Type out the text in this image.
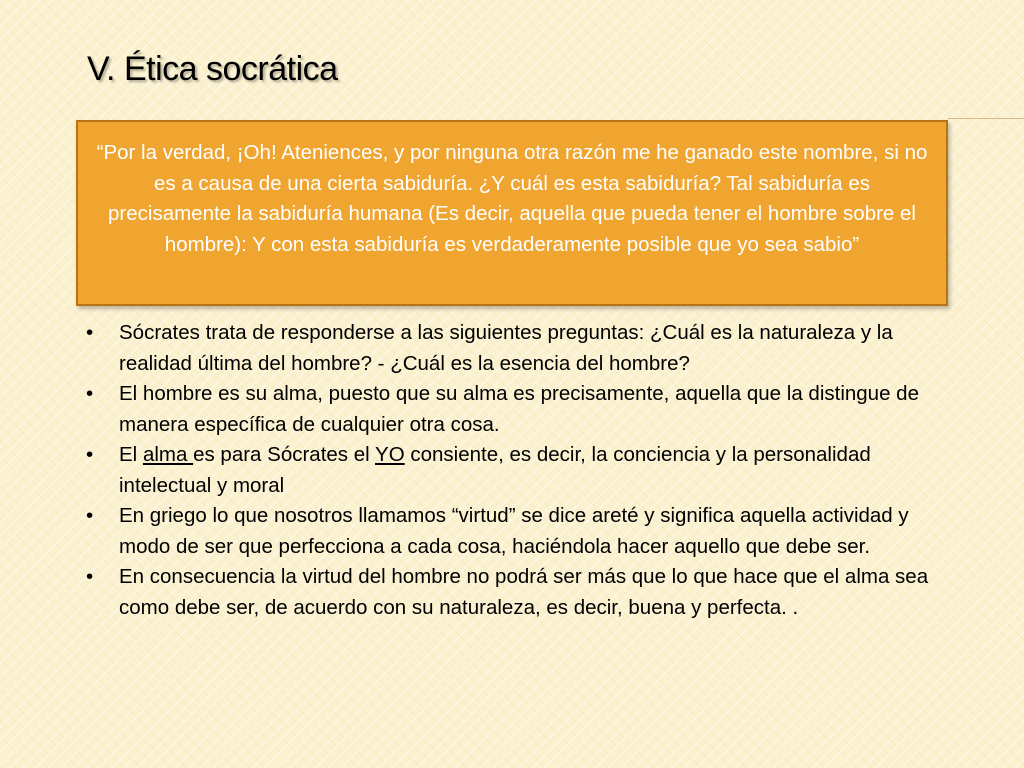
V. Ética socrática
“Por la verdad, ¡Oh! Ateniences, y por ninguna otra razón me he ganado este nombre, si no es a causa de una cierta sabiduría. ¿Y cuál es esta sabiduría? Tal sabiduría es precisamente la sabiduría humana (Es decir, aquella que pueda tener el hombre sobre el hombre): Y con esta sabiduría es verdaderamente posible que yo sea sabio”
•	Sócrates trata de responderse a las siguientes preguntas: ¿Cuál es la naturaleza y la realidad última del hombre? - ¿Cuál es la esencia del hombre?
•	El hombre es su alma, puesto que su alma es precisamente, aquella que la distingue de manera específica de cualquier otra cosa.
•	El alma es para Sócrates el YO consiente, es decir, la conciencia y la personalidad intelectual y moral
•	En griego lo que nosotros llamamos “virtud” se dice areté y significa aquella actividad y modo de ser que perfecciona a cada cosa, haciéndola hacer aquello que debe ser.
•	En consecuencia la virtud del hombre no podrá ser más que lo que hace que el alma sea como debe ser, de acuerdo con su naturaleza, es decir, buena y perfecta. .
